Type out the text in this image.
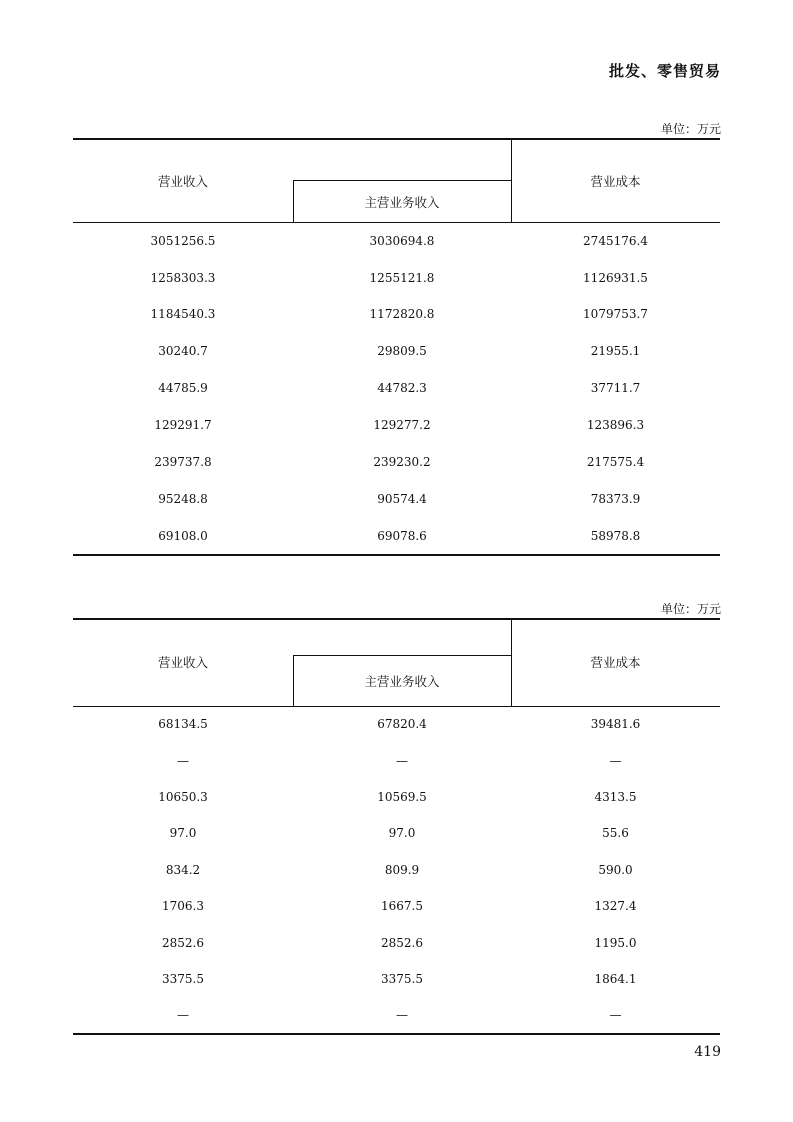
批发、零售贸易
单位：万元
营业收入
主营业务收入
营业成本
3051256.5	3030694.8	2745176.4
1258303.3	1255121.8	1126931.5
1184540.3	1172820.8	1079753.7
30240.7	29809.5	21955.1
44785.9	44782.3	37711.7
129291.7	129277.2	123896.3
239737.8	239230.2	217575.4
95248.8	90574.4	78373.9
69108.0	69078.6	58978.8
单位：万元
营业收入
主营业务收入
营业成本
68134.5	67820.4	39481.6
—	—	—
10650.3	10569.5	4313.5
97.0	97.0	55.6
834.2	809.9	590.0
1706.3	1667.5	1327.4
2852.6	2852.6	1195.0
3375.5	3375.5	1864.1
—	—	—
419
